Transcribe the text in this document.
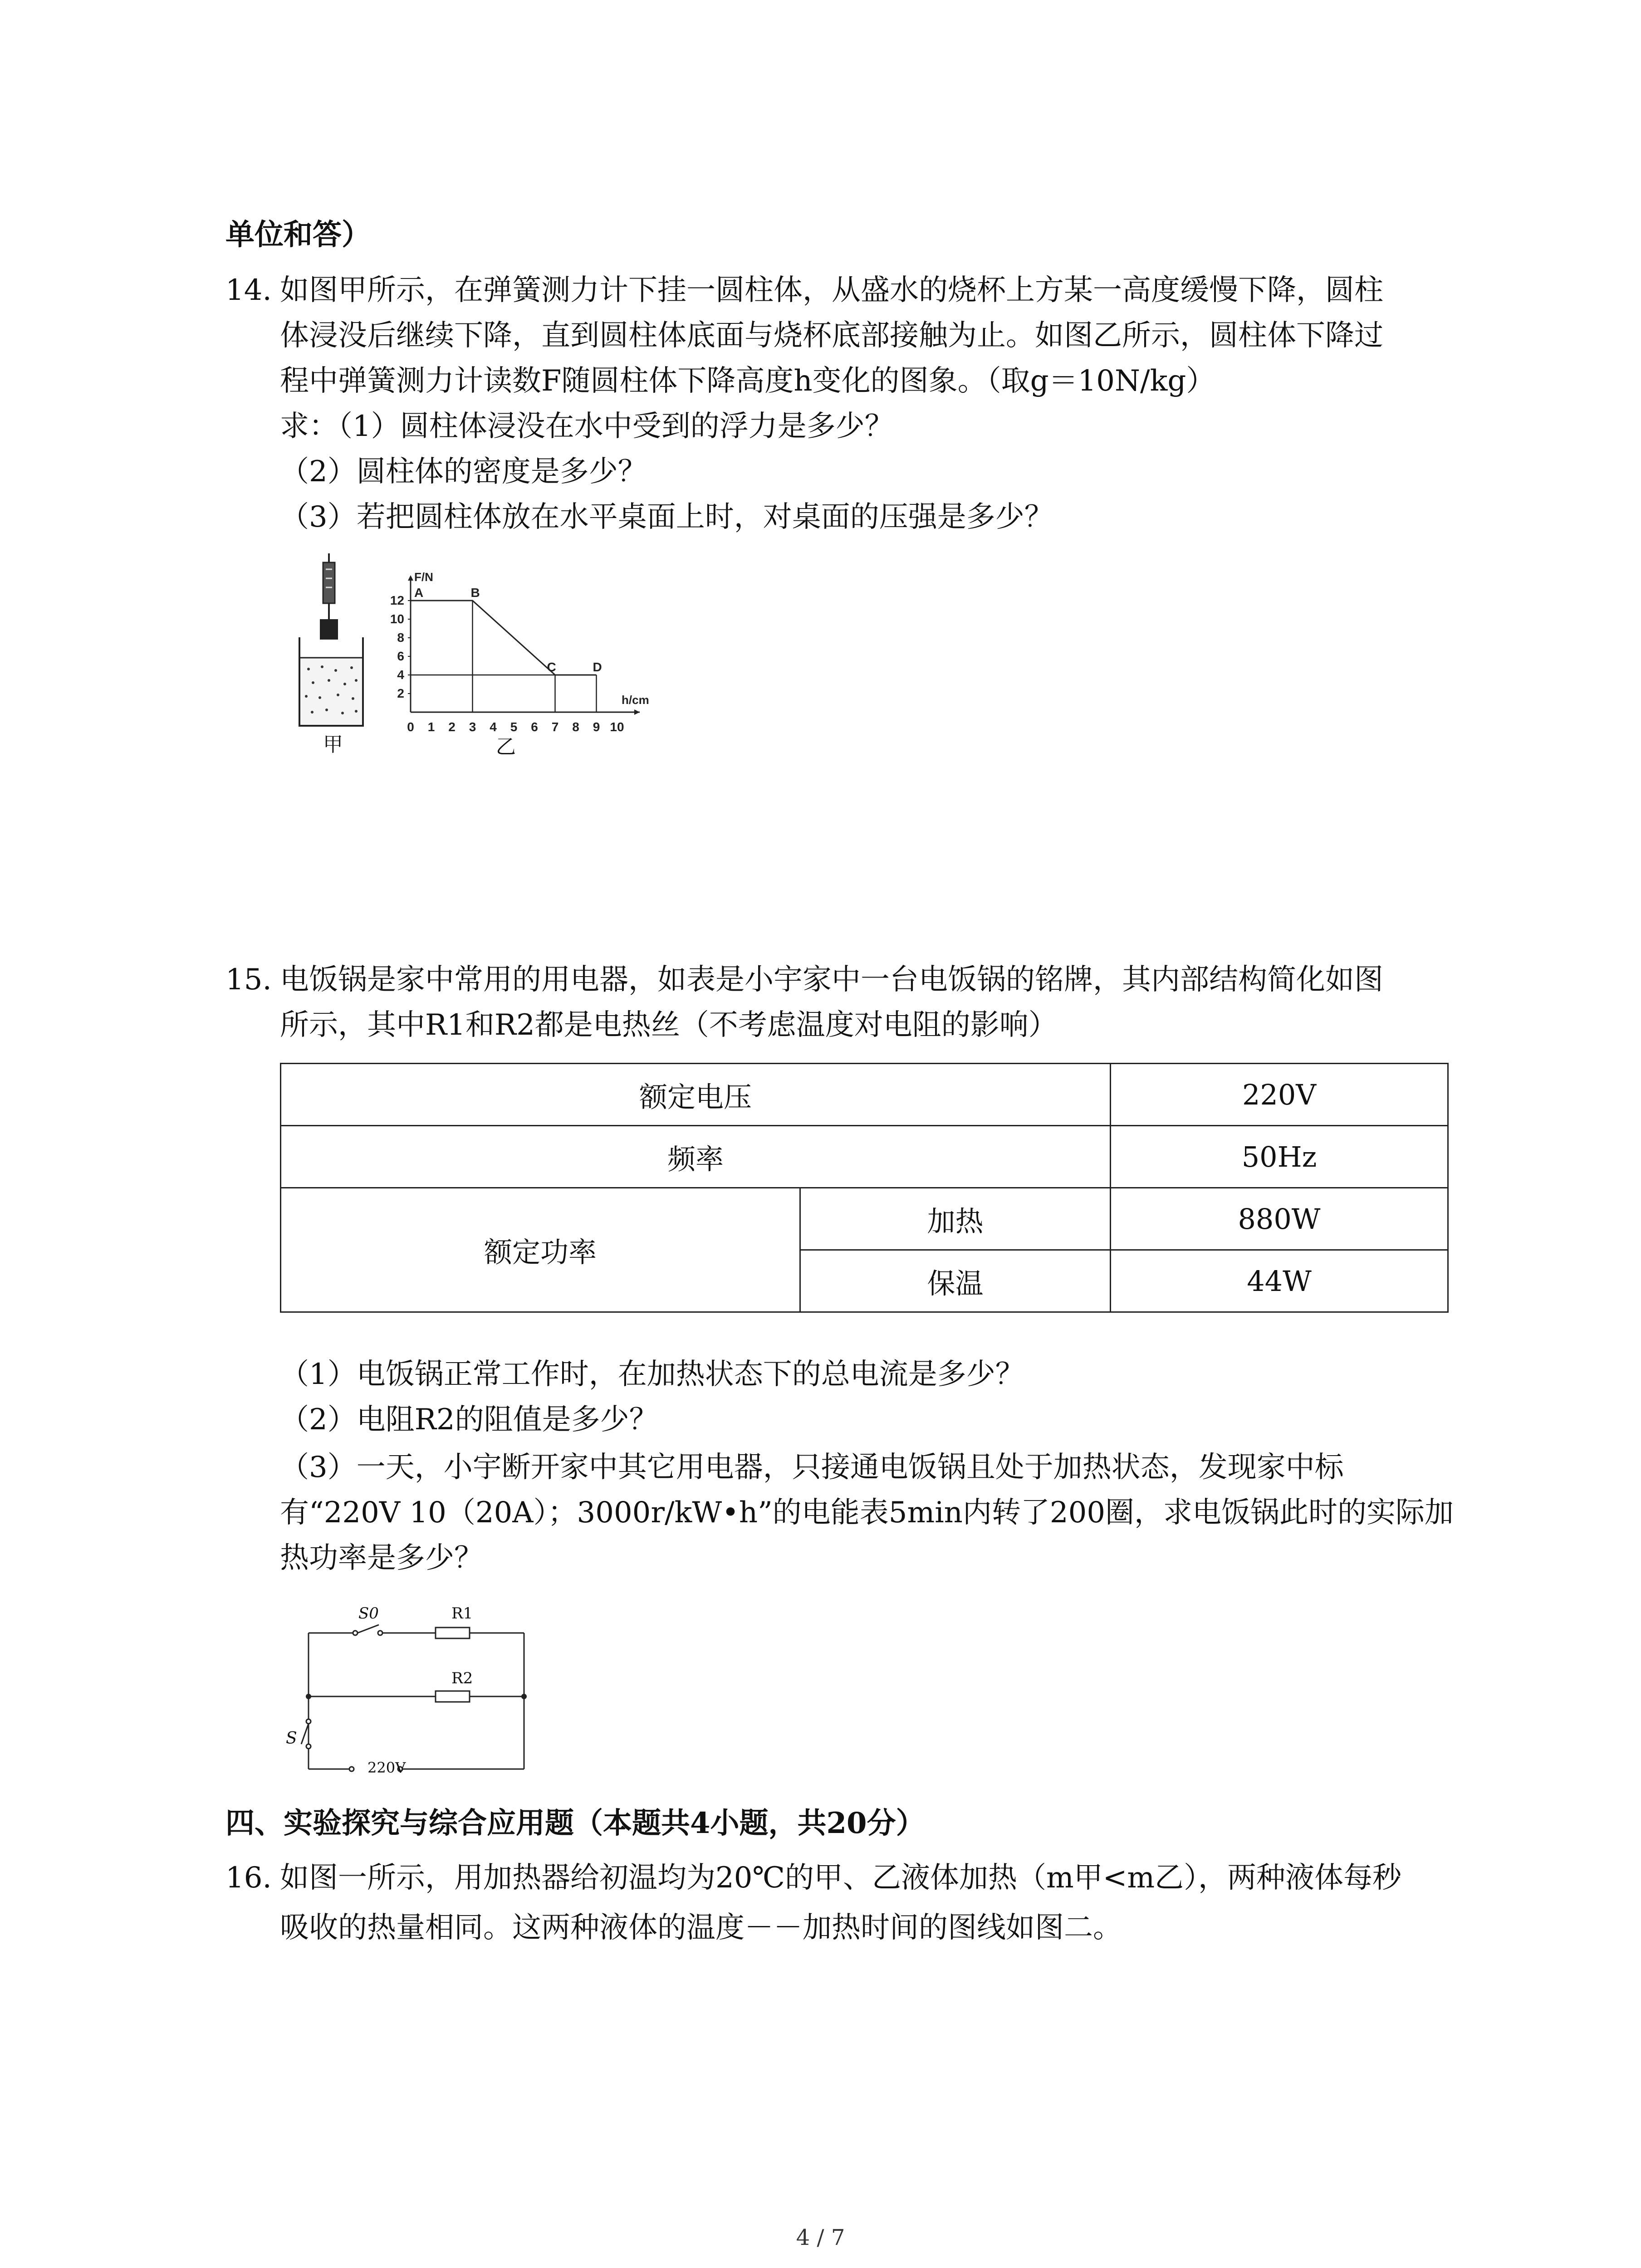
单位和答）
14. 如图甲所示，在弹簧测力计下挂一圆柱体，从盛水的烧杯上方某一高度缓慢下降，圆柱
体浸没后继续下降，直到圆柱体底面与烧杯底部接触为止。如图乙所示，圆柱体下降过
程中弹簧测力计读数F随圆柱体下降高度h变化的图象。（取g＝10N/kg）
求：（1）圆柱体浸没在水中受到的浮力是多少？
（2）圆柱体的密度是多少？
（3）若把圆柱体放在水平桌面上时，对桌面的压强是多少？
甲
F/N
h/cm
0 1 2 3 4 5 6 7 8 9 10
2
4
6
8
10
12
A	B
C	D
乙
15. 电饭锅是家中常用的用电器，如表是小宇家中一台电饭锅的铭牌，其内部结构简化如图
所示，其中R1和R2都是电热丝（不考虑温度对电阻的影响）
额定电压		220V
频率		50Hz
额定功率	加热	880W
	保温	44W
（1）电饭锅正常工作时，在加热状态下的总电流是多少？
（2）电阻R2的阻值是多少？
（3）一天，小宇断开家中其它用电器，只接通电饭锅且处于加热状态，发现家中标
有“220V 10（20A）；3000r/kW•h”的电能表5min内转了200圈，求电饭锅此时的实际加
热功率是多少？
S0	R1
R2
S
220V
四、实验探究与综合应用题（本题共4小题，共20分）
16. 如图一所示，用加热器给初温均为20℃的甲、乙液体加热（m甲<m乙），两种液体每秒
吸收的热量相同。这两种液体的温度－－加热时间的图线如图二。
4 / 7
